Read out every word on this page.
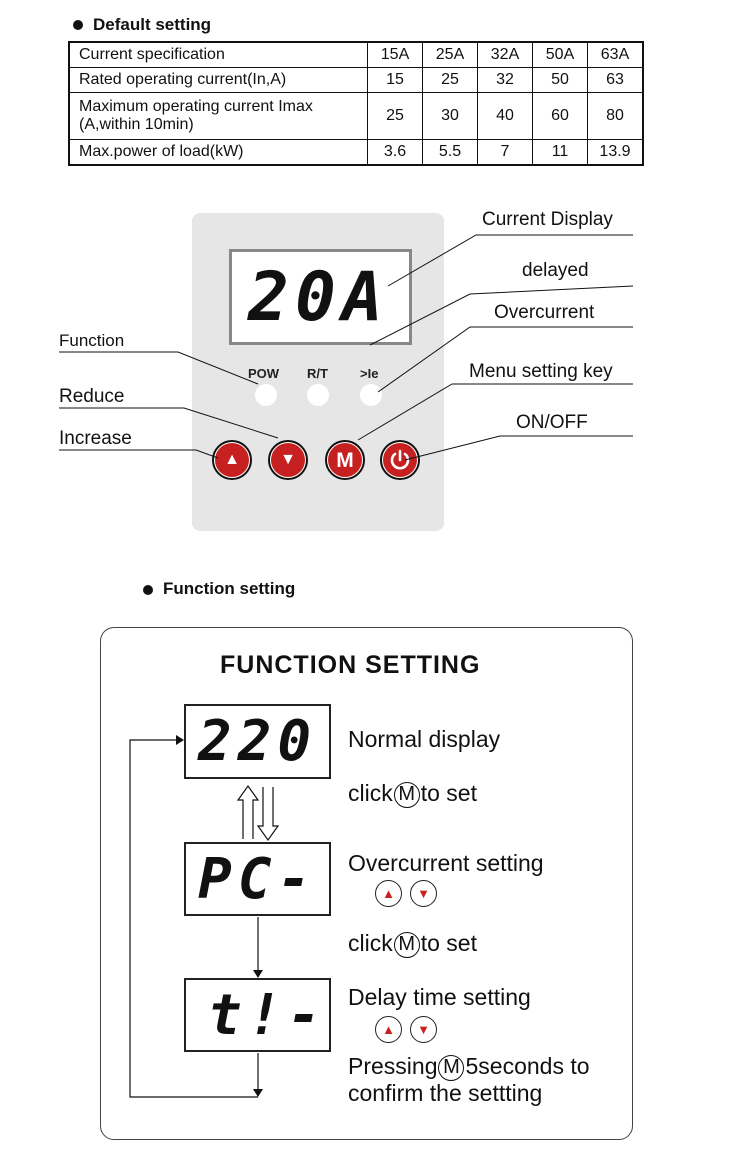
Default setting
Current specification	15A	25A	32A	50A	63A
Rated operating current(In,A)	15	25	32	50	63
Maximum operating current Imax
(A,within 10min)	25	30	40	60	80
Max.power of load(kW)	3.6	5.5	7	11	13.9
20A
POW R/T >Ie
▲	▼ M
Current Display
delayed
Overcurrent
Menu setting key
ON/OFF
Function
Reduce
Increase
Function setting
FUNCTION SETTING
220
PC-
t!-
Normal display
click M to set
Overcurrent setting
▲ ▼
click M to set
Delay time setting
▲ ▼
Pressing M 5seconds to
confirm the settting
